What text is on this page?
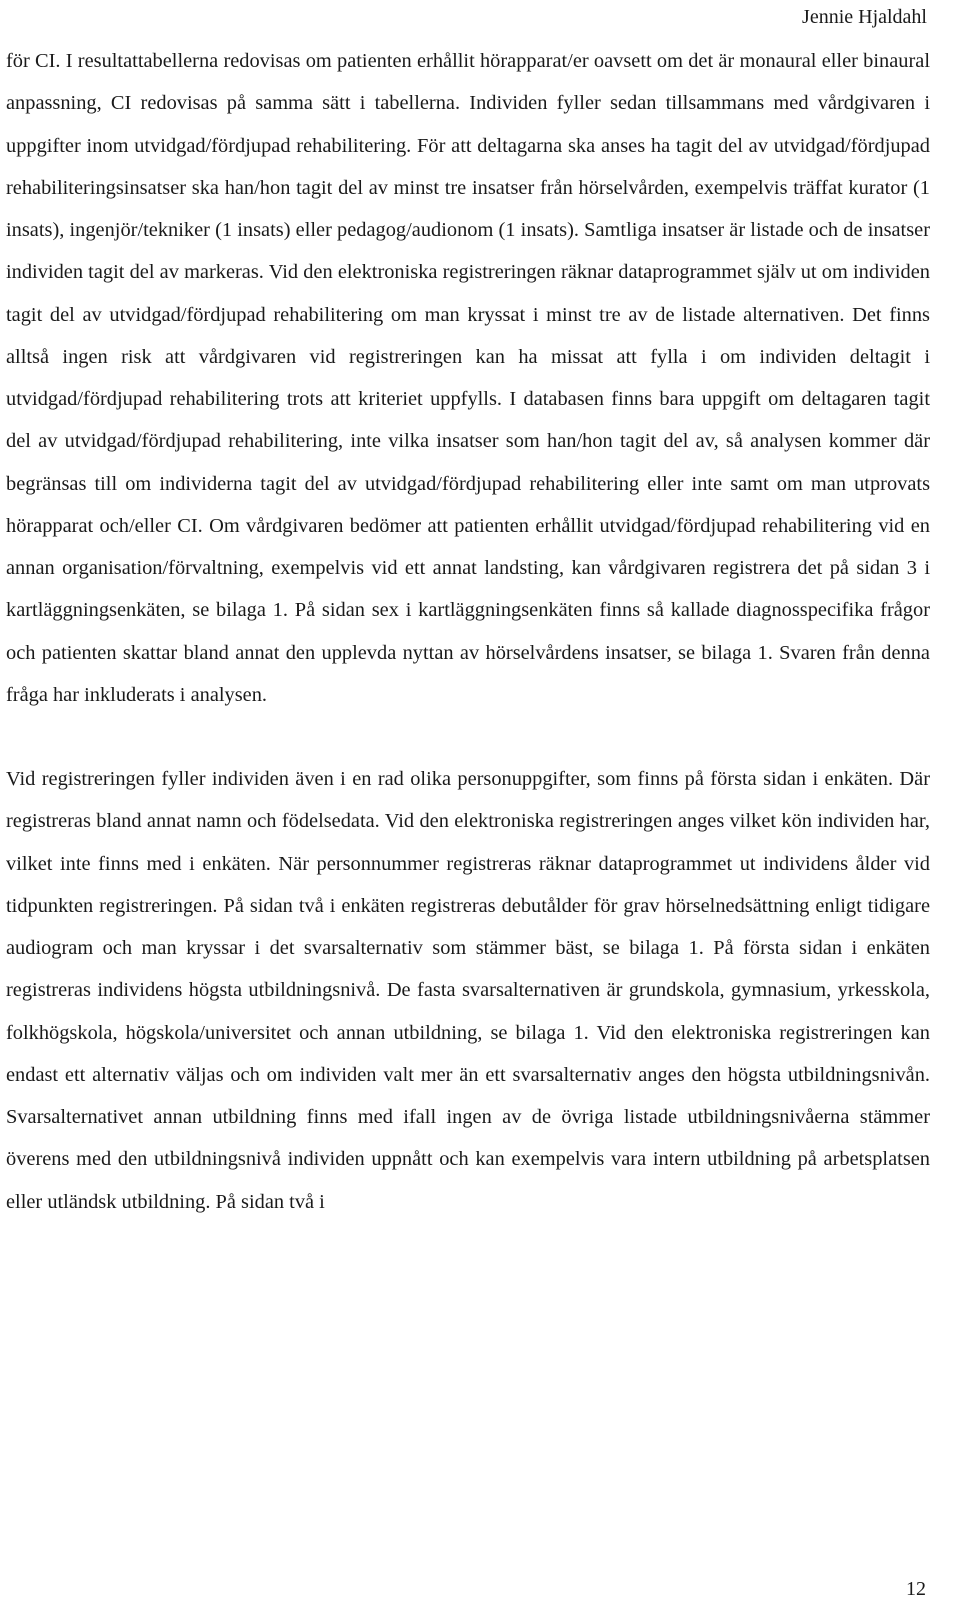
Jennie Hjaldahl

för CI. I resultattabellerna redovisas om patienten erhållit hörapparat/er oavsett om det är monaural eller binaural anpassning, CI redovisas på samma sätt i tabellerna. Individen fyller sedan tillsammans med vårdgivaren i uppgifter inom utvidgad/fördjupad rehabilitering. För att deltagarna ska anses ha tagit del av utvidgad/fördjupad rehabiliteringsinsatser ska han/hon tagit del av minst tre insatser från hörselvården, exempelvis träffat kurator (1 insats), ingenjör/tekniker (1 insats) eller pedagog/audionom (1 insats). Samtliga insatser är listade och de insatser individen tagit del av markeras. Vid den elektroniska registreringen räknar dataprogrammet själv ut om individen tagit del av utvidgad/fördjupad rehabilitering om man kryssat i minst tre av de listade alternativen. Det finns alltså ingen risk att vårdgivaren vid registreringen kan ha missat att fylla i om individen deltagit i utvidgad/fördjupad rehabilitering trots att kriteriet uppfylls. I databasen finns bara uppgift om deltagaren tagit del av utvidgad/fördjupad rehabilitering, inte vilka insatser som han/hon tagit del av, så analysen kommer där begränsas till om individerna tagit del av utvidgad/fördjupad rehabilitering eller inte samt om man utprovats hörapparat och/eller CI. Om vårdgivaren bedömer att patienten erhållit utvidgad/fördjupad rehabilitering vid en annan organisation/förvaltning, exempelvis vid ett annat landsting, kan vårdgivaren registrera det på sidan 3 i kartläggningsenkäten, se bilaga 1. På sidan sex i kartläggningsenkäten finns så kallade diagnosspecifika frågor och patienten skattar bland annat den upplevda nyttan av hörselvårdens insatser, se bilaga 1. Svaren från denna fråga har inkluderats i analysen.

Vid registreringen fyller individen även i en rad olika personuppgifter, som finns på första sidan i enkäten. Där registreras bland annat namn och födelsedata. Vid den elektroniska registreringen anges vilket kön individen har, vilket inte finns med i enkäten. När personnummer registreras räknar dataprogrammet ut individens ålder vid tidpunkten registreringen. På sidan två i enkäten registreras debutålder för grav hörselnedsättning enligt tidigare audiogram och man kryssar i det svarsalternativ som stämmer bäst, se bilaga 1. På första sidan i enkäten registreras individens högsta utbildningsnivå. De fasta svarsalternativen är grundskola, gymnasium, yrkesskola, folkhögskola, högskola/universitet och annan utbildning, se bilaga 1. Vid den elektroniska registreringen kan endast ett alternativ väljas och om individen valt mer än ett svarsalternativ anges den högsta utbildningsnivån. Svarsalternativet annan utbildning finns med ifall ingen av de övriga listade utbildningsnivåerna stämmer överens med den utbildningsnivå individen uppnått och kan exempelvis vara intern utbildning på arbetsplatsen eller utländsk utbildning. På sidan två i

12
